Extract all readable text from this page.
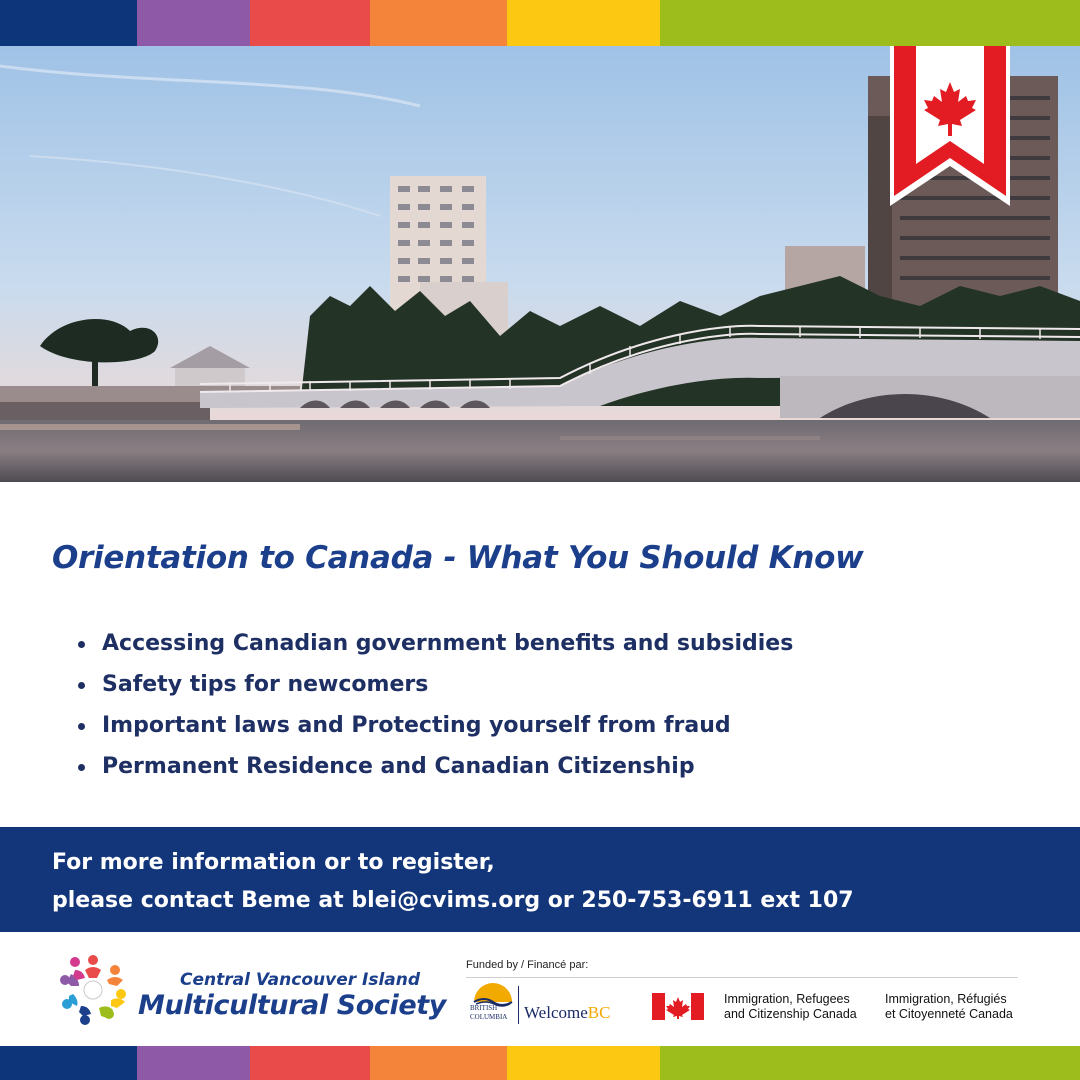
Orientation to Canada - What You Should Know
Accessing Canadian government benefits and subsidies
Safety tips for newcomers
Important laws and Protecting yourself from fraud
Permanent Residence and Canadian Citizenship
For more information or to register,
please contact Beme at blei@cvims.org or 250-753-6911 ext 107
Central Vancouver Island
Multicultural Society
Funded by / Financé par:
BRITISH
COLUMBIA WelcomeBC
Immigration, Refugees
and Citizenship Canada
Immigration, Réfugiés
et Citoyenneté Canada
